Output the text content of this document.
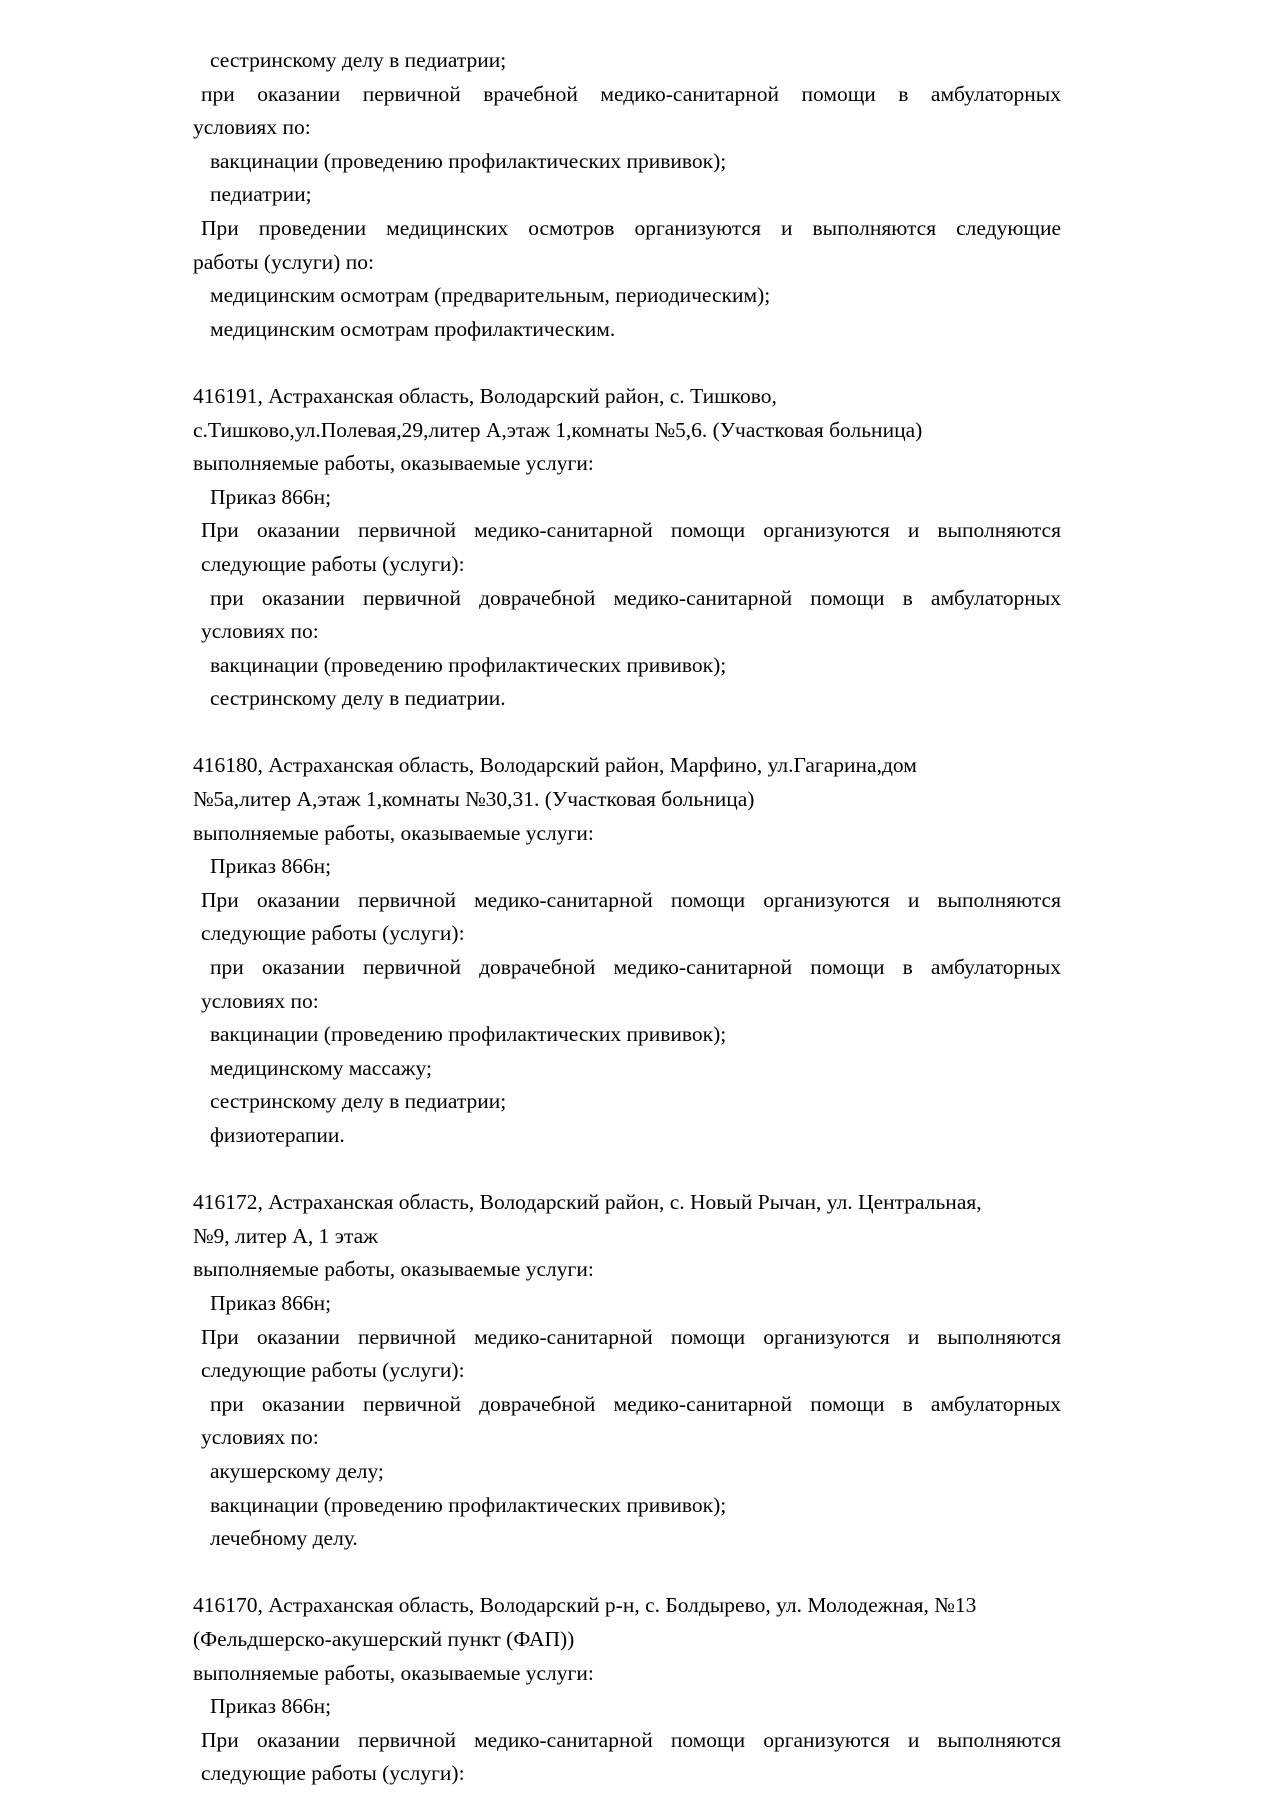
сестринскому делу в педиатрии;
при оказании первичной врачебной медико-санитарной помощи в амбулаторных
условиях по:
вакцинации (проведению профилактических прививок);
педиатрии;
При проведении медицинских осмотров организуются и выполняются следующие
работы (услуги) по:
медицинским осмотрам (предварительным, периодическим);
медицинским осмотрам профилактическим.
416191, Астраханская область, Володарский район, с. Тишково,
с.Тишково,ул.Полевая,29,литер А,этаж 1,комнаты №5,6. (Участковая больница)
выполняемые работы, оказываемые услуги:
Приказ 866н;
При оказании первичной медико-санитарной помощи организуются и выполняются
следующие работы (услуги):
при оказании первичной доврачебной медико-санитарной помощи в амбулаторных
условиях по:
вакцинации (проведению профилактических прививок);
сестринскому делу в педиатрии.
416180, Астраханская область, Володарский район, Марфино, ул.Гагарина,дом
№5а,литер А,этаж 1,комнаты №30,31. (Участковая больница)
выполняемые работы, оказываемые услуги:
Приказ 866н;
При оказании первичной медико-санитарной помощи организуются и выполняются
следующие работы (услуги):
при оказании первичной доврачебной медико-санитарной помощи в амбулаторных
условиях по:
вакцинации (проведению профилактических прививок);
медицинскому массажу;
сестринскому делу в педиатрии;
физиотерапии.
416172, Астраханская область, Володарский район, с. Новый Рычан, ул. Центральная,
№9, литер А, 1 этаж
выполняемые работы, оказываемые услуги:
Приказ 866н;
При оказании первичной медико-санитарной помощи организуются и выполняются
следующие работы (услуги):
при оказании первичной доврачебной медико-санитарной помощи в амбулаторных
условиях по:
акушерскому делу;
вакцинации (проведению профилактических прививок);
лечебному делу.
416170, Астраханская область, Володарский р-н, с. Болдырево, ул. Молодежная, №13
(Фельдшерско-акушерский пункт (ФАП))
выполняемые работы, оказываемые услуги:
Приказ 866н;
При оказании первичной медико-санитарной помощи организуются и выполняются
следующие работы (услуги):
